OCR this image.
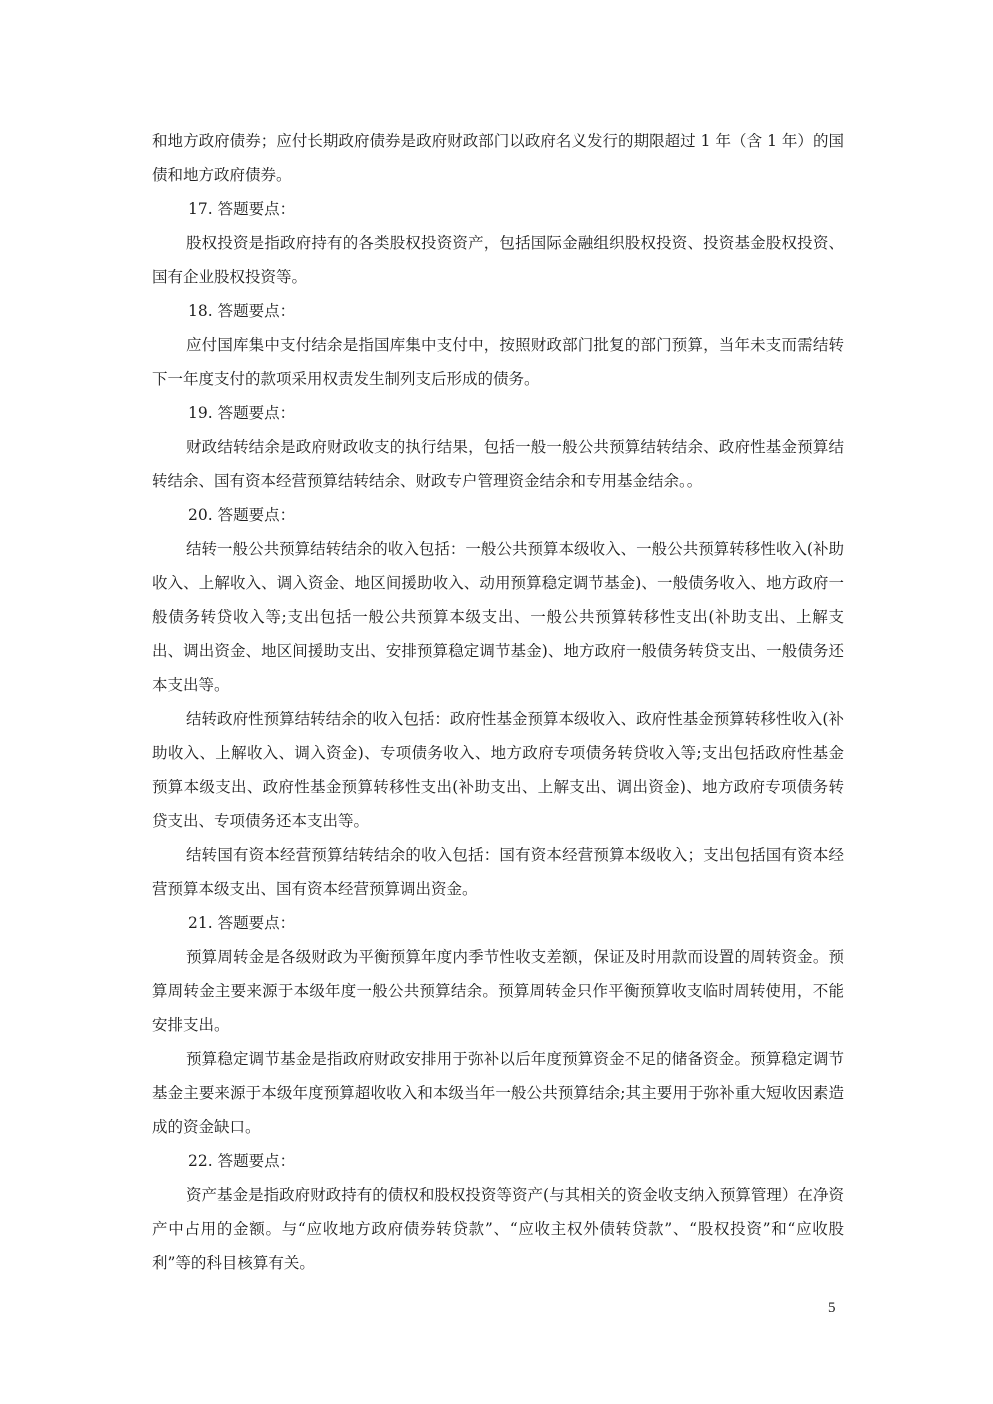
和地方政府债券；应付长期政府债券是政府财政部门以政府名义发行的期限超过 1 年（含 1 年）的国债和地方政府债券。

17. 答题要点：

股权投资是指政府持有的各类股权投资资产，包括国际金融组织股权投资、投资基金股权投资、国有企业股权投资等。

18. 答题要点：

应付国库集中支付结余是指国库集中支付中，按照财政部门批复的部门预算，当年未支而需结转下一年度支付的款项采用权责发生制列支后形成的债务。

19. 答题要点：

财政结转结余是政府财政收支的执行结果，包括一般一般公共预算结转结余、政府性基金预算结转结余、国有资本经营预算结转结余、财政专户管理资金结余和专用基金结余。。

20. 答题要点：

结转一般公共预算结转结余的收入包括：一般公共预算本级收入、一般公共预算转移性收入(补助收入、上解收入、调入资金、地区间援助收入、动用预算稳定调节基金)、一般债务收入、地方政府一般债务转贷收入等;支出包括一般公共预算本级支出、一般公共预算转移性支出(补助支出、上解支出、调出资金、地区间援助支出、安排预算稳定调节基金)、地方政府一般债务转贷支出、一般债务还本支出等。

结转政府性预算结转结余的收入包括：政府性基金预算本级收入、政府性基金预算转移性收入(补助收入、上解收入、调入资金)、专项债务收入、地方政府专项债务转贷收入等;支出包括政府性基金预算本级支出、政府性基金预算转移性支出(补助支出、上解支出、调出资金)、地方政府专项债务转贷支出、专项债务还本支出等。

结转国有资本经营预算结转结余的收入包括：国有资本经营预算本级收入；支出包括国有资本经营预算本级支出、国有资本经营预算调出资金。

21. 答题要点：

预算周转金是各级财政为平衡预算年度内季节性收支差额，保证及时用款而设置的周转资金。预算周转金主要来源于本级年度一般公共预算结余。预算周转金只作平衡预算收支临时周转使用，不能安排支出。

预算稳定调节基金是指政府财政安排用于弥补以后年度预算资金不足的储备资金。预算稳定调节基金主要来源于本级年度预算超收收入和本级当年一般公共预算结余;其主要用于弥补重大短收因素造成的资金缺口。

22. 答题要点：

资产基金是指政府财政持有的债权和股权投资等资产(与其相关的资金收支纳入预算管理）在净资产中占用的金额。与“应收地方政府债券转贷款”、“应收主权外债转贷款”、“股权投资”和“应收股利”等的科目核算有关。

5
